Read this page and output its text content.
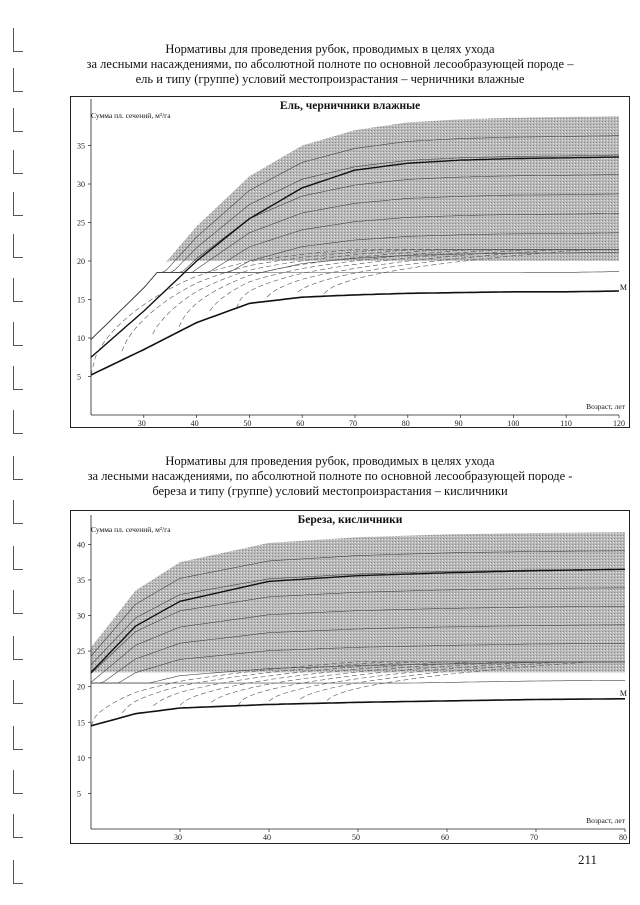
Нормативы для проведения рубок, проводимых в целях ухода
за лесными насаждениями, по абсолютной полноте по основной лесообразующей породе –
ель и типу (группе) условий местопроизрастания – черничники влажные
30	40	50	60	70	80	90	100	110	120
5
10
15
20
25
30
35
Ель, черничники влажные
Сумма пл. сечений, м²/га
Возраст, лет
M
Нормативы для проведения рубок, проводимых в целях ухода
за лесными насаждениями, по абсолютной полноте по основной лесообразующей породе -
береза и типу (группе) условий местопроизрастания – кисличники
30	40	50	60	70	80
5
10
15
20
25
30
35
40
Береза, кисличники
Сумма пл. сечений, м²/га
Возраст, лет
M
211
